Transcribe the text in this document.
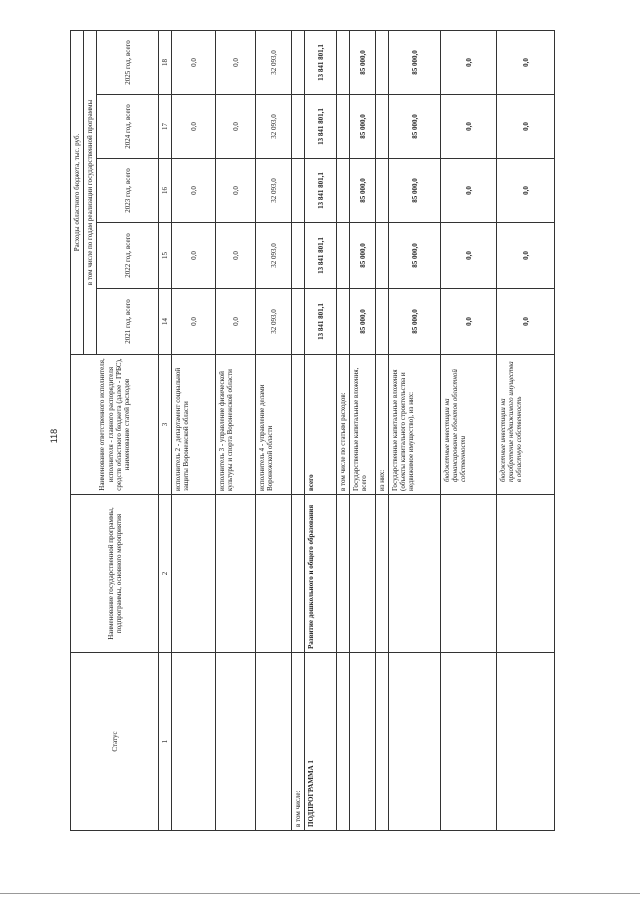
118
Статус	Наименование государственной программы, подпрограммы, основного мероприятия	Наименование ответственного исполнителя, исполнителя - главного распорядителя средств областного бюджета (далее - ГРБС), наименование статей расходов	Расходы областного бюджета, тыс. руб.				
			в том числе по годам реализации государственной программы				
			2021 год, всего	2022 год, всего	2023 год, всего	2024 год, всего	2025 год, всего
1	2	3	14	15	16	17	18
		исполнитель 2 - департамент социальной защиты Воронежской области	0,0	0,0	0,0	0,0	0,0
		исполнитель 3 - управление физической культуры и спорта Воронежской области	0,0	0,0	0,0	0,0	0,0
		исполнитель 4 - управление делами Воронежской области	32 093,0	32 093,0	32 093,0	32 093,0	32 093,0
в том числе:							
ПОДПРОГРАММА 1	Развитие дошкольного и общего образования	всего	13 841 801,1	13 841 801,1	13 841 801,1	13 841 801,1	13 841 801,1
		в том числе по статьям расходов:					
		Государственные капитальные вложения, всего	85 000,0	85 000,0	85 000,0	85 000,0	85 000,0
		из них:					
		Государственные капитальные вложения (объекты капитального строительства и недвижимое имущество), из них:	85 000,0	85 000,0	85 000,0	85 000,0	85 000,0
		бюджетные инвестиции на финансирование объектов областной собственности	0,0	0,0	0,0	0,0	0,0
		бюджетные инвестиции на приобретение недвижимого имущества в областную собственность	0,0	0,0	0,0	0,0	0,0
